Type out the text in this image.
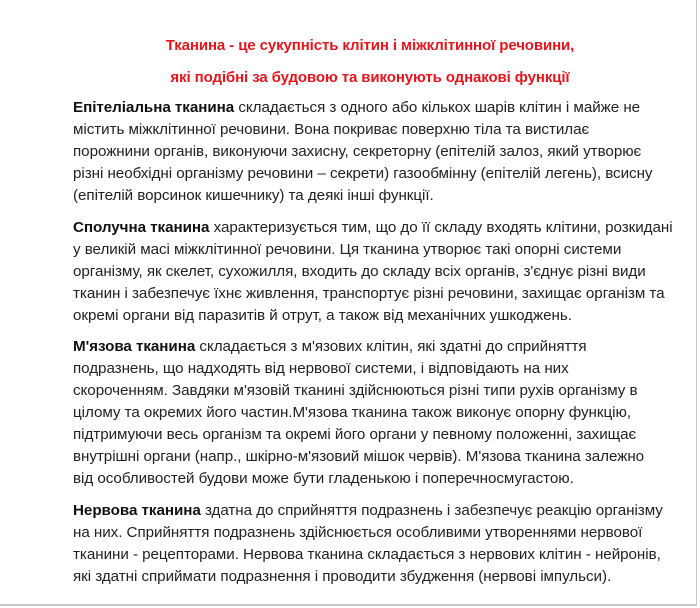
Тканина - це сукупність клітин і міжклітинної речовини,
які подібні за будовою та виконують однакові функції
Епітеліальна тканина складається з одного або кількох шарів клітин і майже не
містить міжклітинної речовини. Вона покриває поверхню тіла та вистилає
порожнини органів, виконуючи захисну, секреторну (епітелій залоз, який утворює
різні необхідні організму речовини – секрети) газообмінну (епітелій легень), всисну
(епітелій ворсинок кишечнику) та деякі інші функції.
Сполучна тканина характеризується тим, що до її складу входять клітини, розкидані
у великій масі міжклітинної речовини. Ця тканина утворює такі опорні системи
організму, як скелет, сухожилля, входить до складу всіх органів, з'єднує різні види
тканин і забезпечує їхнє живлення, транспортує різні речовини, захищає організм та
окремі органи від паразитів й отрут, а також від механічних ушкоджень.
М'язова тканина складається з м'язових клітин, які здатні до сприйняття
подразнень, що надходять від нервової системи, і відповідають на них
скороченням. Завдяки м'язовій тканині здійснюються різні типи рухів організму в
цілому та окремих його частин.М'язова тканина також виконує опорну функцію,
підтримуючи весь організм та окремі його органи у певному положенні, захищає
внутрішні органи (напр., шкірно-м'язовий мішок червів). М'язова тканина залежно
від особливостей будови може бути гладенькою і поперечносмугастою.
Нервова тканина здатна до сприйняття подразнень і забезпечує реакцію організму
на них. Сприйняття подразнень здійснюється особливими утвореннями нервової
тканини - рецепторами. Нервова тканина складається з нервових клітин - нейронів,
які здатні сприймати подразнення і проводити збудження (нервові імпульси).
